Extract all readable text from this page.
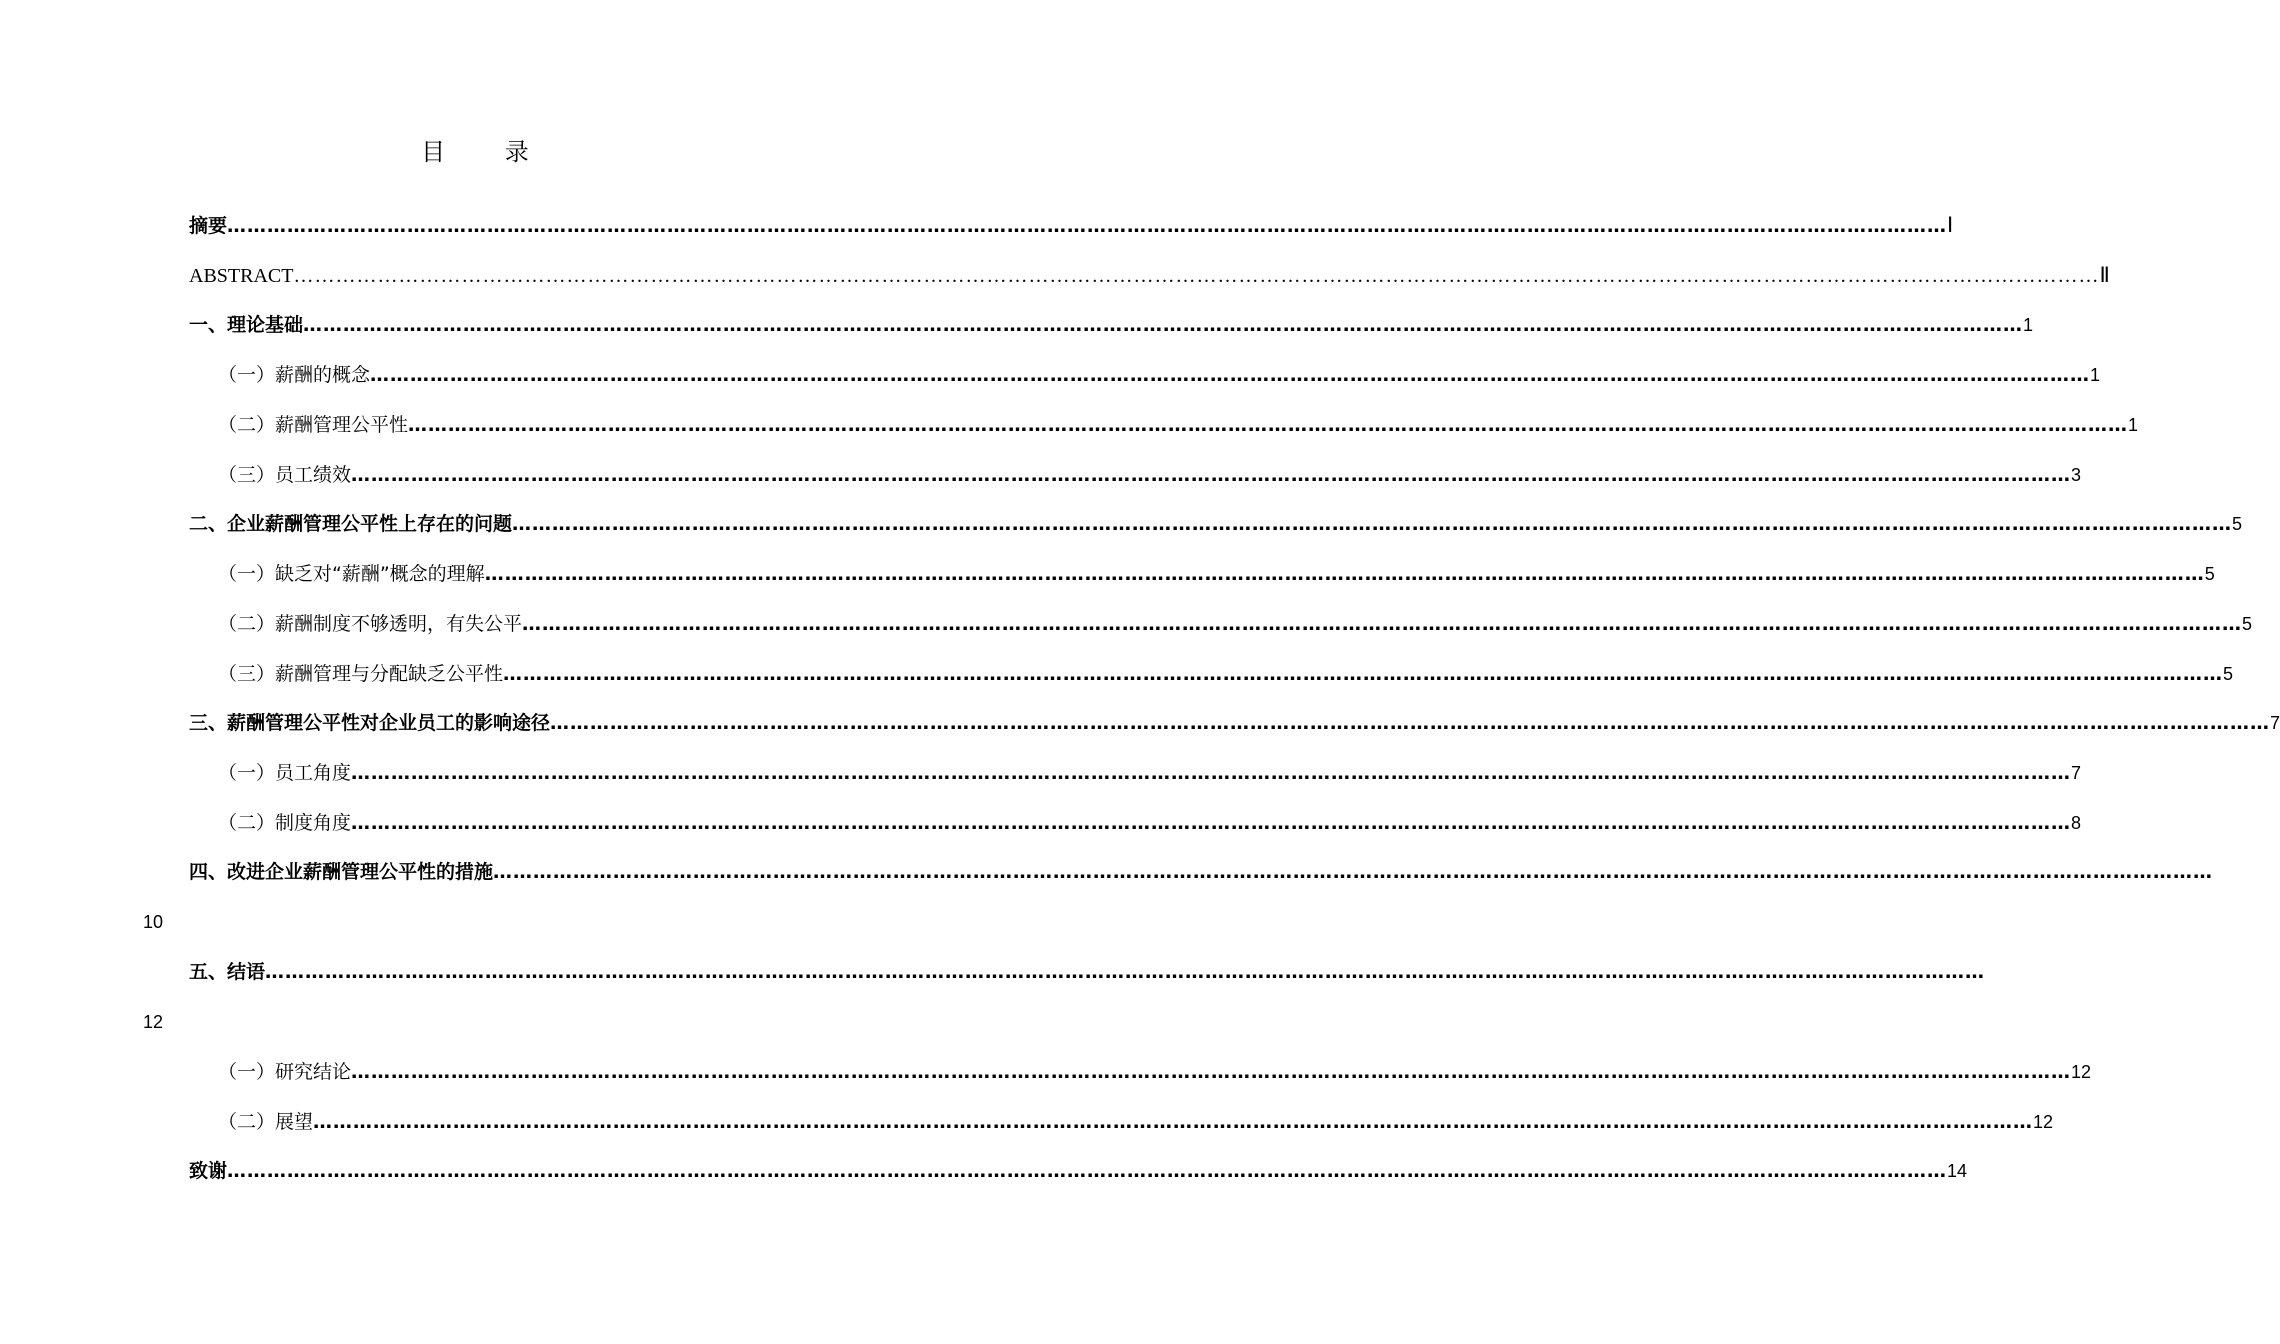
目 录
摘要 …………………………………………………………………………………………………………………………………………………………………………………………………………………………………… Ⅰ
ABSTRACT …………………………………………………………………………………………………………………………………………………………………………………………………………………………………… Ⅱ
一、理论基础 …………………………………………………………………………………………………………………………………………………………………………………………………………………………………… 1
（一）薪酬的概念 …………………………………………………………………………………………………………………………………………………………………………………………………………………………………… 1
（二）薪酬管理公平性 …………………………………………………………………………………………………………………………………………………………………………………………………………………………………… 1
（三）员工绩效 …………………………………………………………………………………………………………………………………………………………………………………………………………………………………… 3
二、企业薪酬管理公平性上存在的问题 …………………………………………………………………………………………………………………………………………………………………………………………………………………………………… 5
（一）缺乏对“薪酬”概念的理解 …………………………………………………………………………………………………………………………………………………………………………………………………………………………………… 5
（二）薪酬制度不够透明，有失公平 …………………………………………………………………………………………………………………………………………………………………………………………………………………………………… 5
（三）薪酬管理与分配缺乏公平性 …………………………………………………………………………………………………………………………………………………………………………………………………………………………………… 5
三、薪酬管理公平性对企业员工的影响途径 …………………………………………………………………………………………………………………………………………………………………………………………………………………………………… 7
（一）员工角度 …………………………………………………………………………………………………………………………………………………………………………………………………………………………………… 7
（二）制度角度 …………………………………………………………………………………………………………………………………………………………………………………………………………………………………… 8
四、改进企业薪酬管理公平性的措施 ……………………………………………………………………………………………………………………………………………………………………………………………………………………………………
10
五、结语 ……………………………………………………………………………………………………………………………………………………………………………………………………………………………………
12
（一）研究结论 …………………………………………………………………………………………………………………………………………………………………………………………………………………………………… 12
（二）展望 …………………………………………………………………………………………………………………………………………………………………………………………………………………………………… 12
致谢 …………………………………………………………………………………………………………………………………………………………………………………………………………………………………… 14
